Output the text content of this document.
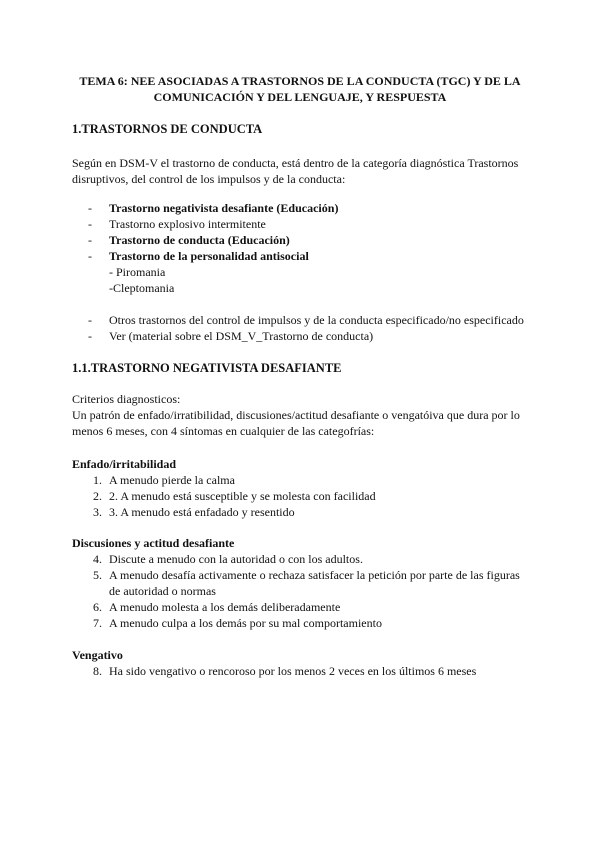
TEMA 6: NEE ASOCIADAS A TRASTORNOS DE LA CONDUCTA (TGC) Y DE LA
COMUNICACIÓN Y DEL LENGUAJE, Y RESPUESTA
1.TRASTORNOS DE CONDUCTA
Según en DSM-V el trastorno de conducta, está dentro de la categoría diagnóstica Trastornos
disruptivos, del control de los impulsos y de la conducta:
- Trastorno negativista desafiante (Educación)
- Trastorno explosivo intermitente
- Trastorno de conducta (Educación)
- Trastorno de la personalidad antisocial
- Piromania
-Cleptomania
- Otros trastornos del control de impulsos y de la conducta especificado/no especificado
- Ver (material sobre el DSM_V_Trastorno de conducta)
1.1.TRASTORNO NEGATIVISTA DESAFIANTE
Criterios diagnosticos:
Un patrón de enfado/irratibilidad, discusiones/actitud desafiante o vengatóiva que dura por lo
menos 6 meses, con 4 síntomas en cualquier de las categofrías:
Enfado/irritabilidad
1. A menudo pierde la calma
2. 2. A menudo está susceptible y se molesta con facilidad
3. 3. A menudo está enfadado y resentido
Discusiones y actitud desafiante
4. Discute a menudo con la autoridad o con los adultos.
5. A menudo desafía activamente o rechaza satisfacer la petición por parte de las figuras
de autoridad o normas
6. A menudo molesta a los demás deliberadamente
7. A menudo culpa a los demás por su mal comportamiento
Vengativo
8. Ha sido vengativo o rencoroso por los menos 2 veces en los últimos 6 meses
